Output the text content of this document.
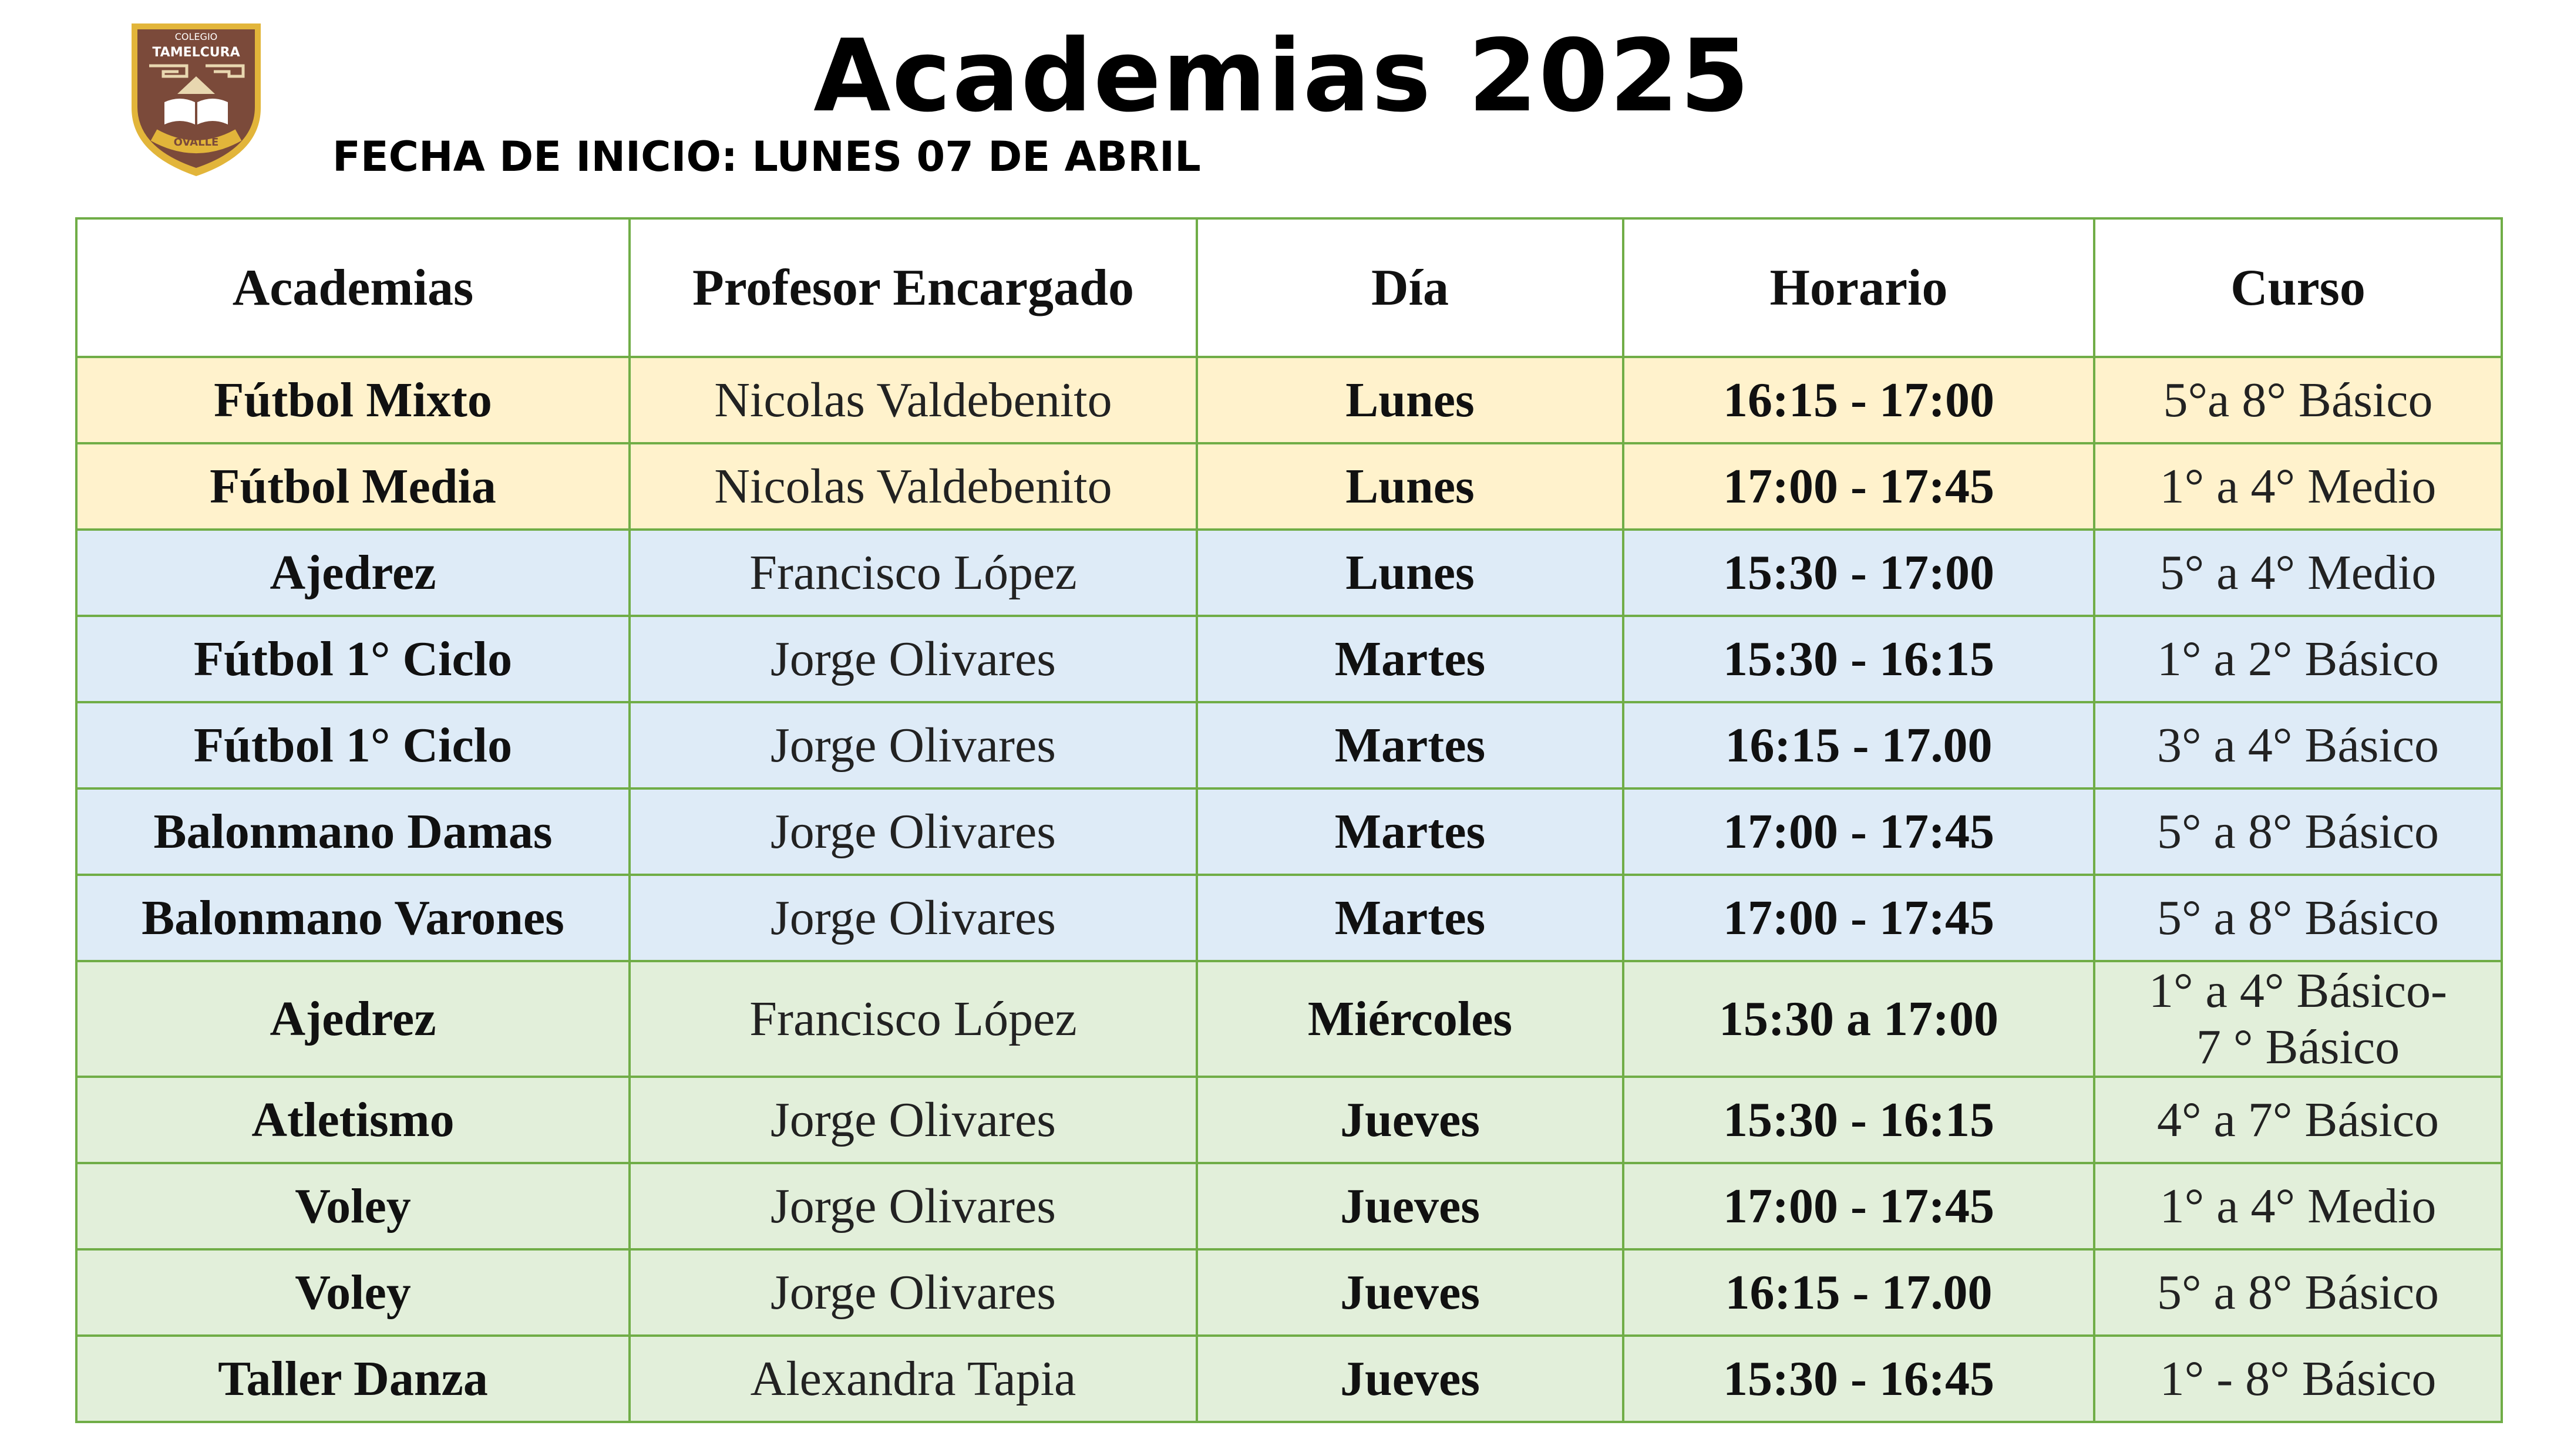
COLEGIO
TAMELCURA
OVALLE
Academias 2025
FECHA DE INICIO: LUNES 07 DE ABRIL
Academias	Profesor Encargado	Día	Horario	Curso
Fútbol Mixto	Nicolas Valdebenito	Lunes	16:15 - 17:00	5°a 8° Básico
Fútbol Media	Nicolas Valdebenito	Lunes	17:00 - 17:45	1° a 4° Medio
Ajedrez	Francisco López	Lunes	15:30 - 17:00	5° a 4° Medio
Fútbol 1° Ciclo	Jorge Olivares	Martes	15:30 - 16:15	1° a 2° Básico
Fútbol 1° Ciclo	Jorge Olivares	Martes	16:15 - 17.00	3° a 4° Básico
Balonmano Damas	Jorge Olivares	Martes	17:00 - 17:45	5° a 8° Básico
Balonmano Varones	Jorge Olivares	Martes	17:00 - 17:45	5° a 8° Básico
Ajedrez	Francisco López	Miércoles	15:30 a 17:00	1° a 4° Básico-
7 ° Básico

Atletismo	Jorge Olivares	Jueves	15:30 - 16:15	4° a 7° Básico
Voley	Jorge Olivares	Jueves	17:00 - 17:45	1° a 4° Medio
Voley	Jorge Olivares	Jueves	16:15 - 17.00	5° a 8° Básico
Taller Danza	Alexandra Tapia	Jueves	15:30 - 16:45	1° - 8° Básico
